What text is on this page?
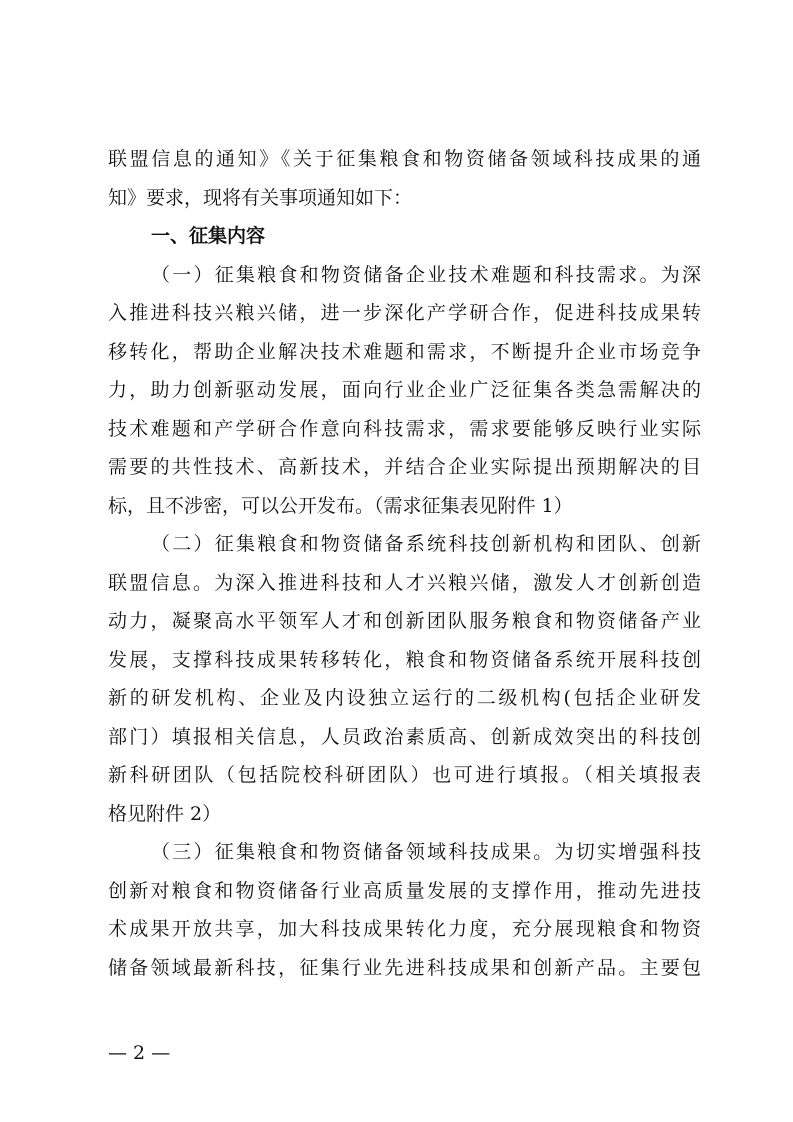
联盟信息的通知》《关于征集粮食和物资储备领域科技成果的通
知》要求，现将有关事项通知如下：
一、征集内容
（一）征集粮食和物资储备企业技术难题和科技需求。为深
入推进科技兴粮兴储，进一步深化产学研合作，促进科技成果转
移转化，帮助企业解决技术难题和需求，不断提升企业市场竞争
力，助力创新驱动发展，面向行业企业广泛征集各类急需解决的
技术难题和产学研合作意向科技需求，需求要能够反映行业实际
需要的共性技术、高新技术，并结合企业实际提出预期解决的目
标，且不涉密，可以公开发布。（需求征集表见附件 1）
（二）征集粮食和物资储备系统科技创新机构和团队、创新
联盟信息。为深入推进科技和人才兴粮兴储，激发人才创新创造
动力，凝聚高水平领军人才和创新团队服务粮食和物资储备产业
发展，支撑科技成果转移转化，粮食和物资储备系统开展科技创
新的研发机构、企业及内设独立运行的二级机构(包括企业研发
部门）填报相关信息，人员政治素质高、创新成效突出的科技创
新科研团队（包括院校科研团队）也可进行填报。（相关填报表
格见附件 2）
（三）征集粮食和物资储备领域科技成果。为切实增强科技
创新对粮食和物资储备行业高质量发展的支撑作用，推动先进技
术成果开放共享，加大科技成果转化力度，充分展现粮食和物资
储备领域最新科技，征集行业先进科技成果和创新产品。主要包
— 2 —
